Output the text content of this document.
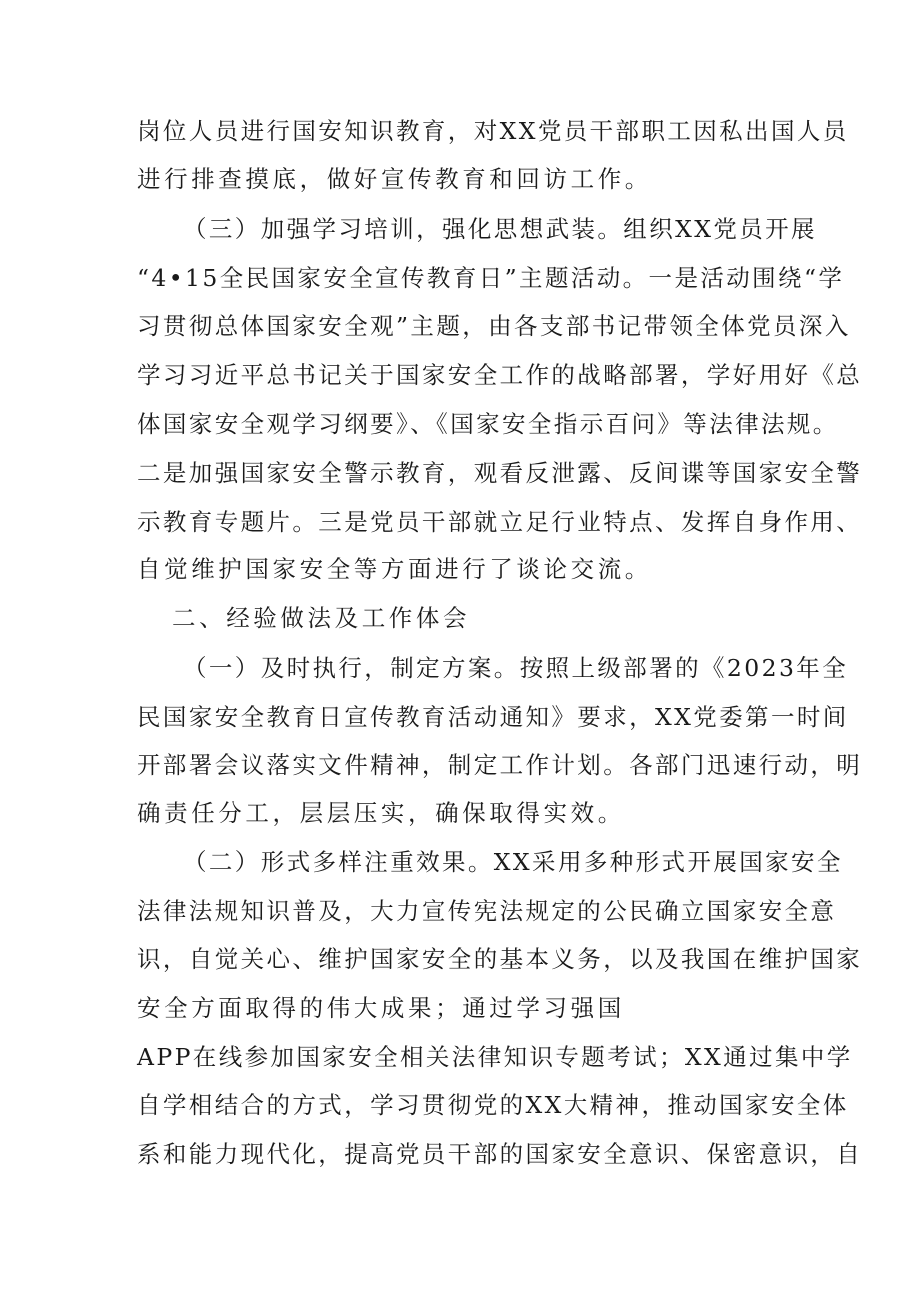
岗位人员进行国安知识教育，对XX党员干部职工因私出国人员
进行排查摸底，做好宣传教育和回访工作。
（三）加强学习培训，强化思想武装。组织XX党员开展
“4•15全民国家安全宣传教育日”主题活动。一是活动围绕“学
习贯彻总体国家安全观”主题，由各支部书记带领全体党员深入
学习习近平总书记关于国家安全工作的战略部署，学好用好《总
体国家安全观学习纲要》、《国家安全指示百问》等法律法规。
二是加强国家安全警示教育，观看反泄露、反间谍等国家安全警
示教育专题片。三是党员干部就立足行业特点、发挥自身作用、
自觉维护国家安全等方面进行了谈论交流。
二、经验做法及工作体会
（一）及时执行，制定方案。按照上级部署的《2023年全
民国家安全教育日宣传教育活动通知》要求，XX党委第一时间
开部署会议落实文件精神，制定工作计划。各部门迅速行动，明
确责任分工，层层压实，确保取得实效。
（二）形式多样注重效果。XX采用多种形式开展国家安全
法律法规知识普及，大力宣传宪法规定的公民确立国家安全意
识，自觉关心、维护国家安全的基本义务，以及我国在维护国家
安全方面取得的伟大成果；通过学习强国
APP在线参加国家安全相关法律知识专题考试；XX通过集中学
自学相结合的方式，学习贯彻党的XX大精神，推动国家安全体
系和能力现代化，提高党员干部的国家安全意识、保密意识，自
